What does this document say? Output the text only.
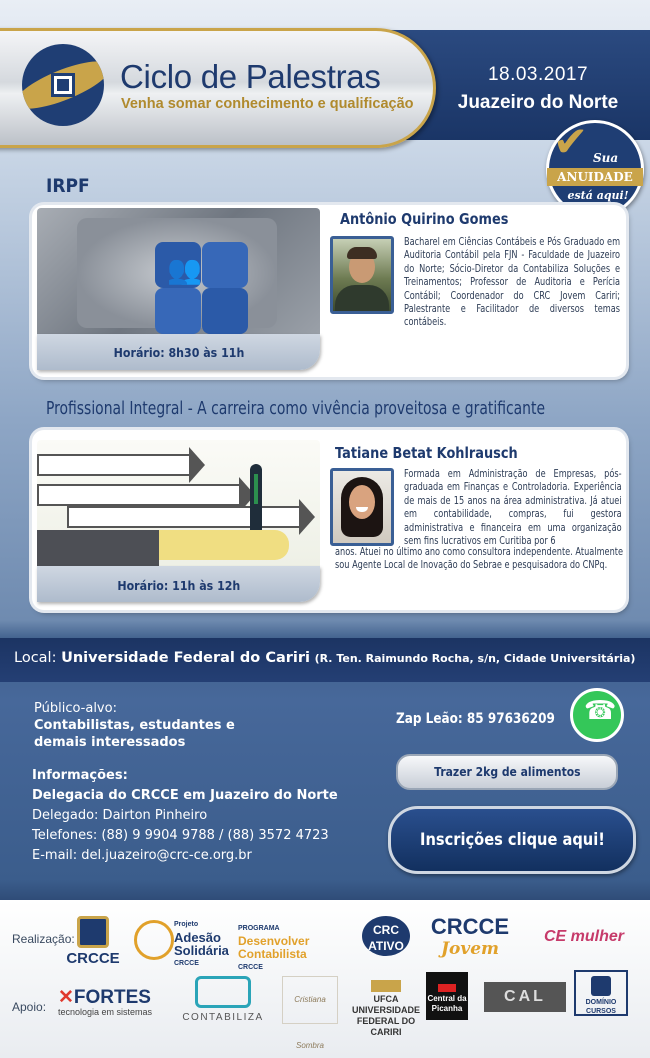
Ciclo de Palestras
Venha somar conhecimento e qualificação
18.03.2017
Juazeiro do Norte
✔ Sua
ANUIDADE
está aqui!
IRPF
👥
Horário: 8h30 às 11h
Antônio Quirino Gomes
Bacharel em Ciências Contábeis e Pós Graduado em Auditoria Contábil pela FJN - Faculdade de Juazeiro do Norte; Sócio-Diretor da Contabiliza Soluções e Treinamentos; Professor de Auditoria e Perícia Contábil; Coordenador do CRC Jovem Cariri; Palestrante e Facilitador de diversos temas contábeis.
Profissional Integral - A carreira como vivência proveitosa e gratificante
Horário: 11h às 12h
Tatiane Betat Kohlrausch
Formada em Administração de Empresas, pós-graduada em Finanças e Controladoria. Experiência de mais de 15 anos na área administrativa. Já atuei em contabilidade, compras, fui gestora administrativa e financeira em uma organização sem fins lucrativos em Curitiba por 6
anos. Atuei no último ano como consultora independente. Atualmente sou Agente Local de Inovação do Sebrae e pesquisadora do CNPq.
Local: Universidade Federal do Cariri (R. Ten. Raimundo Rocha, s/n, Cidade Universitária)
Público-alvo:
Contabilistas, estudantes e
demais interessados
Informações:
Delegacia do CRCCE em Juazeiro do Norte
Delegado: Dairton Pinheiro
Telefones: (88) 9 9904 9788 / (88) 3572 4723
E-mail: del.juazeiro@crc-ce.org.br
Zap Leão: 85 97636209
☎
Trazer 2kg de alimentos
Inscrições clique aqui!
Realização:
Apoio:
CRCCE
Projeto
Adesão Solidária
CRCCE
PROGRAMA
Desenvolver Contabilista
CRCCE
CRC ATIVO
CRCCE
Jovem
CE mulher
✕FORTES
tecnologia em sistemas	CONTABILIZA
Cristiana Sombra
UFCA
UNIVERSIDADE FEDERAL DO CARIRI
Central da Picanha
CAL	DOMÍNIO CURSOS
